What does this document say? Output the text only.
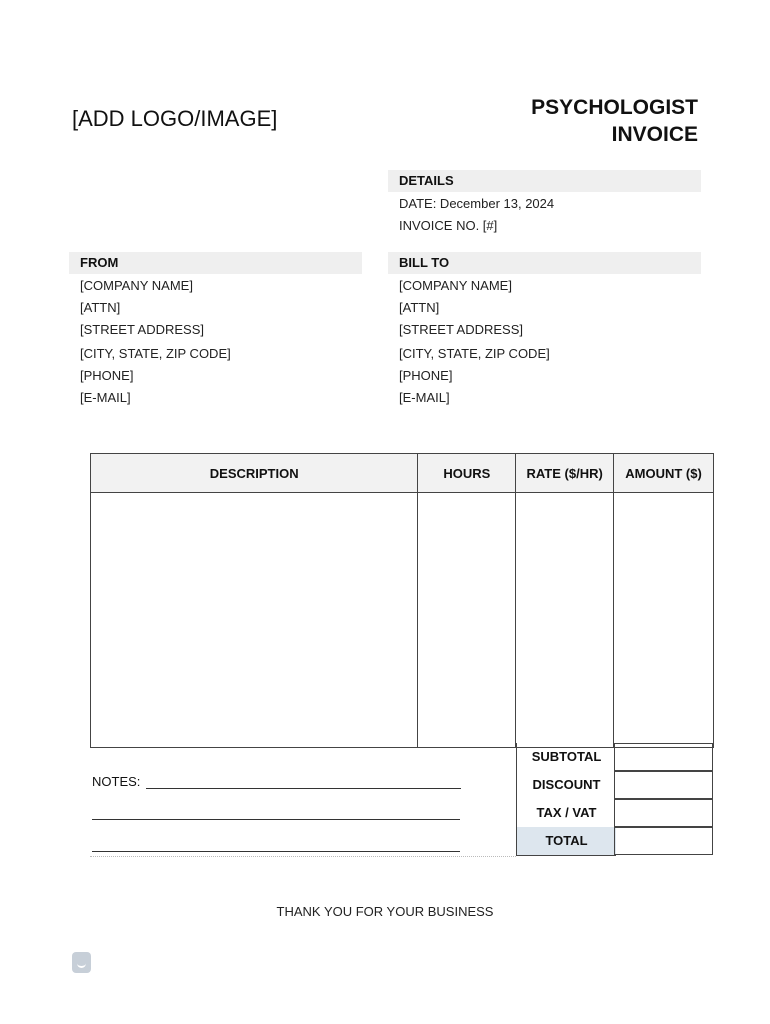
[ADD LOGO/IMAGE]	PSYCHOLOGIST
INVOICE
DETAILS
DATE: December 13, 2024
INVOICE NO. [#]
FROM
[COMPANY NAME]
[ATTN]
[STREET ADDRESS]
[CITY, STATE, ZIP CODE]
[PHONE]
[E-MAIL]
BILL TO
[COMPANY NAME]
[ATTN]
[STREET ADDRESS]
[CITY, STATE, ZIP CODE]
[PHONE]
[E-MAIL]
DESCRIPTION	HOURS	RATE ($/HR)	AMOUNT ($)

SUBTOTAL
DISCOUNT
TAX / VAT
TOTAL
NOTES:
THANK YOU FOR YOUR BUSINESS
